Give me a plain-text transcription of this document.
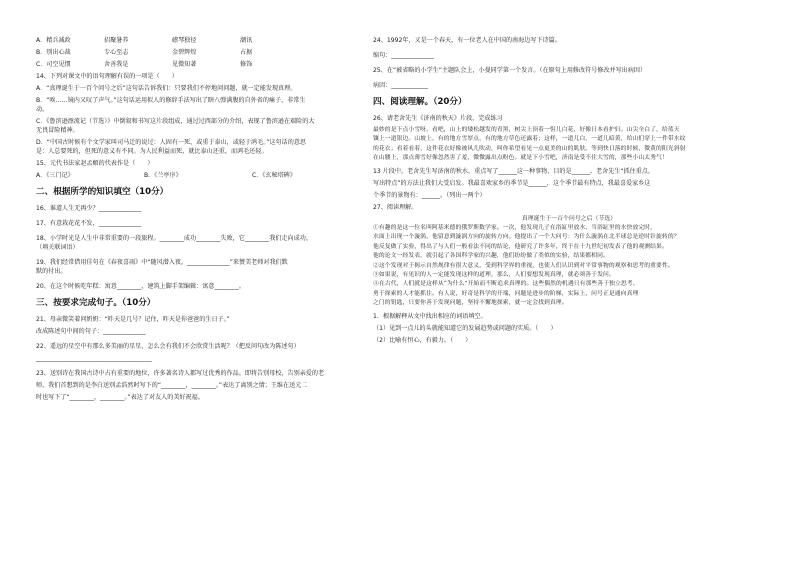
A．精兵减政	招聚暑养	礤琴独径	潮讯
B．别出心裁	专心至志	金碧辉煌	占据
C．司空见惯	舍善我是	见微知著	修饰

14、下列对课文中的语句理解有误的一项是（　　）

A．“真理诞生于一百个问号之后”这句话告诉我们：只要我们不停地问问题，就一定能发现真理。

B．“唉……镜内又叹了声气。”这句话运用拟人的修辞手法写出了瞎八弹满腹的自外省的痛子，非常生

动。

C．《鲁滨逊漂流记（节选）》中倒叙和书写这片段组成，通过过西部分的介绍，表现了鲁滨逊在艰险的大

无畏冒险精神。

D．“中国古时候有个文学家叫司马迁的说过：人固有一死，或重于泰山，或轻于鸿毛。”这句话的意思

是：人总要死的，但死的意义有不同。为人民利益而死，就比泰山还重，而鸿毛还轻。

15、元代书法家赵孟頫的代表作是（　　）

A．《三门记》	B．《兰亭序》	C．《玄秘塔碑》
二、根据所学的知识填空（10分）

16、谁道人生无再少？______________

17、有意栽花花不发，______________

18、小学时光是人生中非常重要的一段旅程。________成功________失败，它________我们走向成功。

（填关联词语）

19、我们经常借用佳句在《春夜喜雨》中“随风潜入夜，______________”来赞美老师对我们默

默的付出。

20、在这个时候吃年糕：寓意________，建筑上脚手架编辑：寓意________。

三、按要求完成句子。（10分）

21、母亲微笑着问奶奶：“昨天是几号？记住，昨天是你爸爸的生日子。”

改成陈述句中间的句子：______________

22、遥远的星空中有那么多美丽的星星，怎么会有我们不会欣赏生活呢？（把反问句改为陈述句）

______________________________________

23、送别诗在我国古诗中占有重要的地位，许多著名诗人都写过优秀的作品。即将告别母校，告别亲爱的老

师，我们首想到的是李白送别孟浩然时写下的“________，________。”表达了离别之情；王维在送元二

时也写下了“________，________。”表达了对友人的美好祝福。

24、1992年，又是一个春天，有一位老人在中国的南海边写下诗篇。

缩句：______________

25、在“被省略的小学生”主题队会上，小曼同学第一个发言。（在原句上用修改符号修改并写出病因）

病因：____________

四、阅读理解。（20分）

26、请老舍先生《济南的秋天》片段，完成练习

最妙的是下点小雪呀。看吧，山上的矮松越发的青黑，树尖上顶着一髻儿白花，好像日本看护妇。山尖全白了，给蓝天

镶上一道银边。山坡上，有的地方雪厚点，有的地方草色还露着；这样，一道儿白，一道儿暗黄，给山们穿上一件带水纹

的花衣；看着看着，这件花衣好像被风儿吹动，叫你希望看见一点更美的山的肌肤。等到快日落的时候，微黄的阳光斜射

在山腰上，那点薄雪好像忽然害了羞，微微露出点粉色。就是下小雪吧，济南是受不住大雪的，那些小山太秀气！

13 片段中，老舍先生写济南的秋水，重点写了______这一种事物，目的是______。老舍先生“抓住重点，

写出特点”的方法让我们大受启发。我最喜欢家乡的季节是______，这个季节最有特点，我最喜爱家乡这

个季节的景物有：______。（列出一两个）

27、阅读理解。

真理诞生于一百个问号之后（节选）

①有趣的是这一位名叫阿基米德的俄罗斯数学家。一次，他发现儿子在浴缸里放水，当浴缸里的水快放完时，

水面上出现一个漩涡，他留意到漩涡方向的旋转方向。他提出了一个大问号：为什么漩涡在北半球总是逆时针旋转的？

他反复做了实验，得出了与人们一般看法不同的结论，他研究了许多年，终于在十九世纪初发表了他的观测结果。

他的论文一经发表，就引起了各国科学家的兴趣，他们纷纷做了类似的实验，结果都相同。

②这个发现对于揭示自然规律有很大意义，受到科学界的重视，也使人们认识到对平常事物的观察和思考的重要性。

③如果说，有见识的人一定能发现这样的道理，那么，人们要想发现真理，就必须善于发问。

④在古代，人们就是这样从“为什么”开始而不断追求真理的。这些偶然的机遇只有那些善于独立思考、

勇于探索的人才能抓住。有人说，好奇是科学的开端，问题是进步的阶梯，实际上，问号正是通向真理

之门的钥匙，只要你善于发现问题，坚持不懈地探索，就一定会找到真理。

1．根据解释从文中找出相应的词语填空。

（1）见到一点儿的头就能知道它的发展趋势或问题的实质。（　　）

（2）比喻有恒心，有毅力。（　　）
